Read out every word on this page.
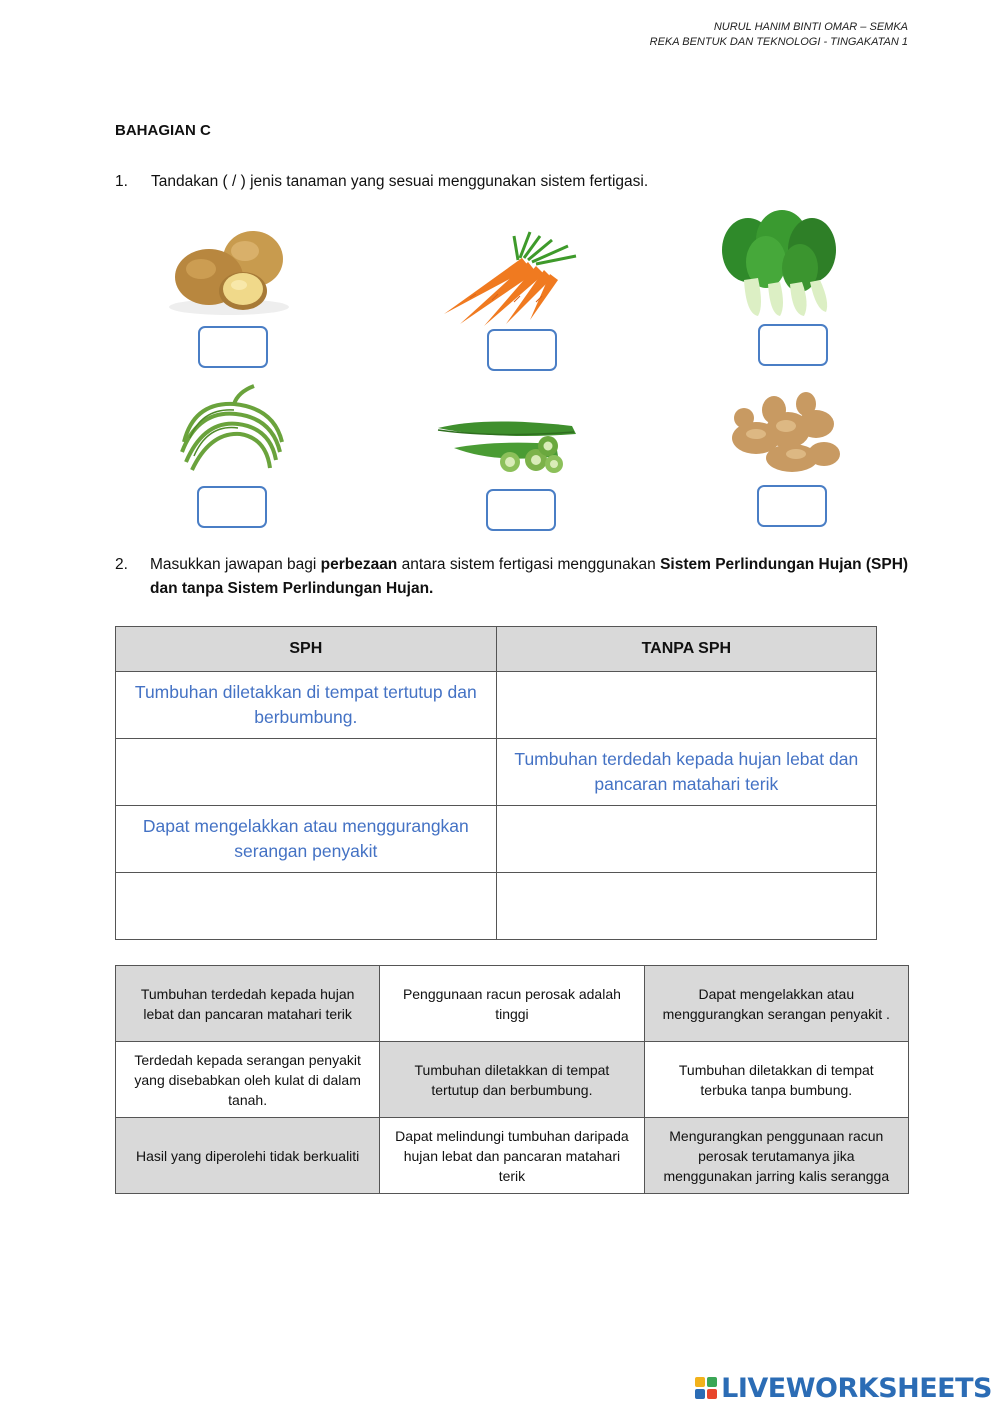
NURUL HANIM BINTI OMAR – SEMKA
REKA BENTUK DAN TEKNOLOGI - TINGAKATAN 1
BAHAGIAN C
1. Tandakan ( / ) jenis tanaman yang sesuai menggunakan sistem fertigasi.
2. Masukkan jawapan bagi perbezaan antara sistem fertigasi menggunakan Sistem Perlindungan Hujan (SPH) dan tanpa Sistem Perlindungan Hujan.
SPH	TANPA SPH
Tumbuhan diletakkan di tempat tertutup dan berbumbung.	
	Tumbuhan terdedah kepada hujan lebat dan pancaran matahari terik
Dapat mengelakkan atau menggurangkan serangan penyakit	

Tumbuhan terdedah kepada hujan lebat dan pancaran matahari terik	Penggunaan racun perosak adalah tinggi	Dapat mengelakkan atau menggurangkan serangan penyakit .
Terdedah kepada serangan penyakit yang disebabkan oleh kulat di dalam tanah.	Tumbuhan diletakkan di tempat tertutup dan berbumbung.	Tumbuhan diletakkan di tempat terbuka tanpa bumbung.
Hasil yang diperolehi tidak berkualiti	Dapat melindungi tumbuhan daripada hujan lebat dan pancaran matahari terik	Mengurangkan penggunaan racun perosak terutamanya jika menggunakan jarring kalis serangga
LIVEWORKSHEETS
